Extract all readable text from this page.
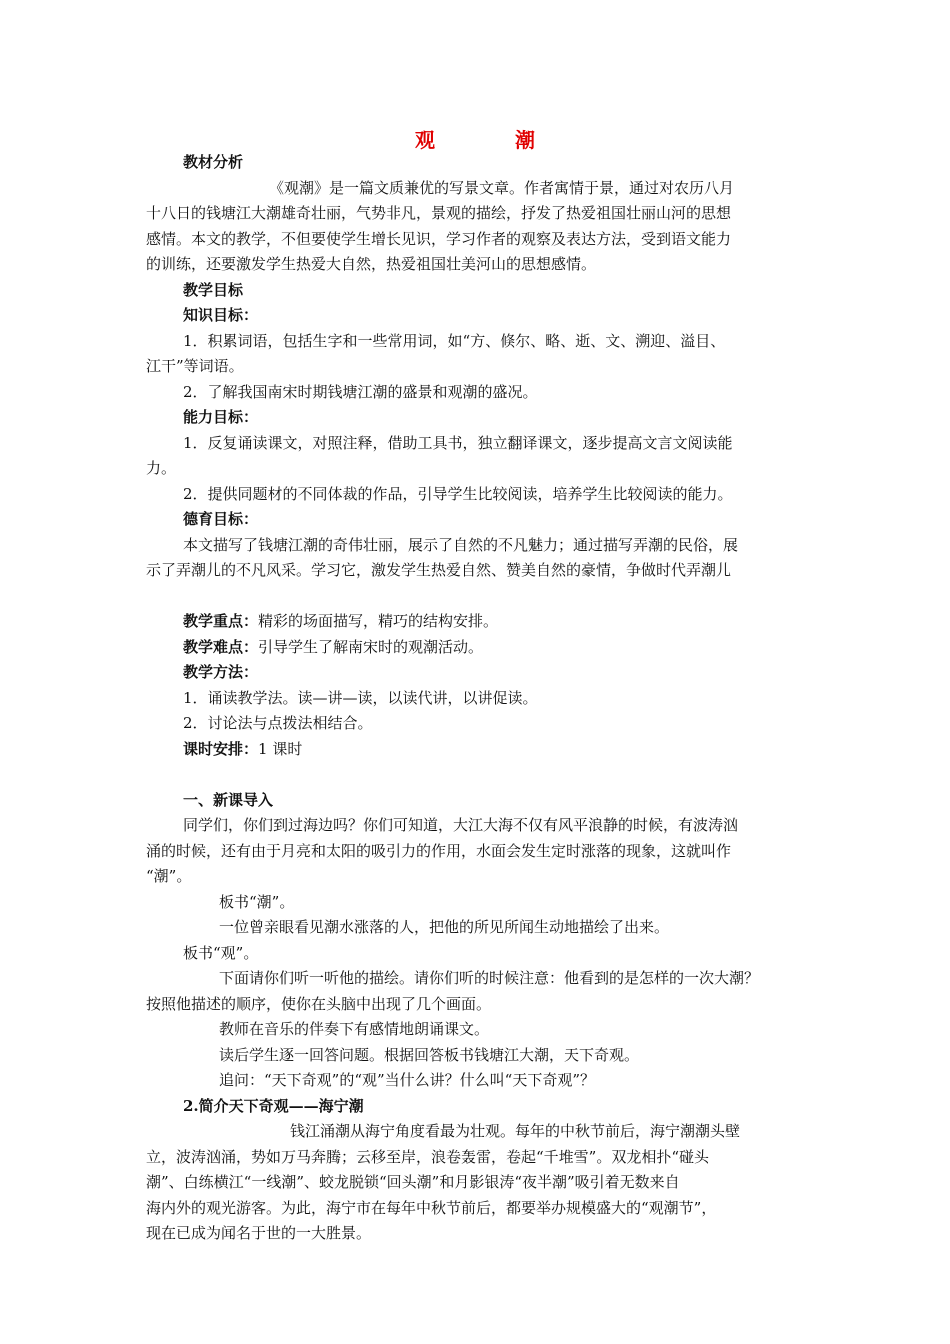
观	潮
教材分析
《观潮》是一篇文质兼优的写景文章。作者寓情于景，通过对农历八月
十八日的钱塘江大潮雄奇壮丽，气势非凡，景观的描绘，抒发了热爱祖国壮丽山河的思想
感情。本文的教学，不但要使学生增长见识，学习作者的观察及表达方法，受到语文能力
的训练，还要激发学生热爱大自然，热爱祖国壮美河山的思想感情。
教学目标
知识目标：
1．积累词语，包括生字和一些常用词，如“方、倏尔、略、逝、文、溯迎、溢目、
江干”等词语。
2．了解我国南宋时期钱塘江潮的盛景和观潮的盛况。
能力目标：
1．反复诵读课文，对照注释，借助工具书，独立翻译课文，逐步提高文言文阅读能
力。
2．提供同题材的不同体裁的作品，引导学生比较阅读，培养学生比较阅读的能力。
德育目标：
本文描写了钱塘江潮的奇伟壮丽，展示了自然的不凡魅力；通过描写弄潮的民俗，展
示了弄潮儿的不凡风采。学习它，激发学生热爱自然、赞美自然的豪情，争做时代弄潮儿
教学重点：精彩的场面描写，精巧的结构安排。
教学难点：引导学生了解南宋时的观潮活动。
教学方法：
1．诵读教学法。读—讲—读，以读代讲，以讲促读。
2．讨论法与点拨法相结合。
课时安排：1 课时
一、新课导入
同学们，你们到过海边吗？你们可知道，大江大海不仅有风平浪静的时候，有波涛汹
涌的时候，还有由于月亮和太阳的吸引力的作用，水面会发生定时涨落的现象，这就叫作
“潮”。
板书“潮”。
一位曾亲眼看见潮水涨落的人，把他的所见所闻生动地描绘了出来。
板书“观”。
下面请你们听一听他的描绘。请你们听的时候注意：他看到的是怎样的一次大潮？
按照他描述的顺序，使你在头脑中出现了几个画面。
教师在音乐的伴奏下有感情地朗诵课文。
读后学生逐一回答问题。根据回答板书钱塘江大潮，天下奇观。
追问：“天下奇观”的“观”当什么讲？什么叫“天下奇观”？
2.简介天下奇观——海宁潮
钱江涌潮从海宁角度看最为壮观。每年的中秋节前后，海宁潮潮头壁
立，波涛汹涌，势如万马奔腾；云移至岸，浪卷轰雷，卷起“千堆雪”。双龙相扑“碰头
潮”、白练横江“一线潮”、蛟龙脱锁“回头潮”和月影银涛“夜半潮”吸引着无数来自
海内外的观光游客。为此，海宁市在每年中秋节前后，都要举办规模盛大的“观潮节”，
现在已成为闻名于世的一大胜景。
